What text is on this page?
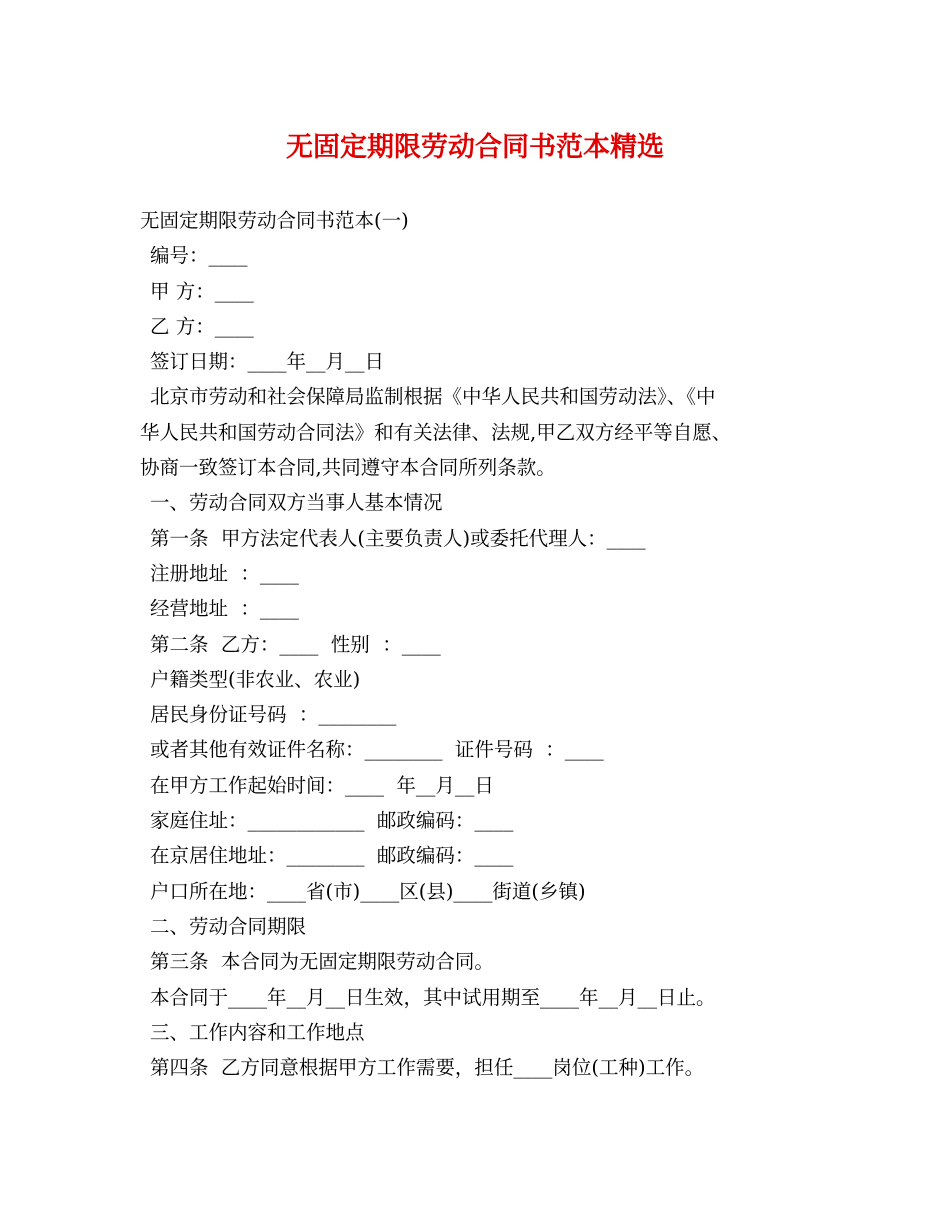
无固定期限劳动合同书范本精选
无固定期限劳动合同书范本(一)
编号：____
甲 方：____
乙 方：____
签订日期：____年__月__日
北京市劳动和社会保障局监制根据《中华人民共和国劳动法》、《中
华人民共和国劳动合同法》和有关法律、法规,甲乙双方经平等自愿、
协商一致签订本合同,共同遵守本合同所列条款。
一、劳动合同双方当事人基本情况
第一条  甲方法定代表人(主要负责人)或委托代理人：____
注册地址  ：____
经营地址  ：____
第二条  乙方：____  性别  ：____
户籍类型(非农业、农业)
居民身份证号码  ：________
或者其他有效证件名称：________  证件号码  ：____
在甲方工作起始时间：____  年__月__日
家庭住址：____________  邮政编码：____
在京居住地址：________  邮政编码：____
户口所在地：____省(市)____区(县)____街道(乡镇)
二、劳动合同期限
第三条  本合同为无固定期限劳动合同。
本合同于____年__月__日生效，其中试用期至____年__月__日止。
三、工作内容和工作地点
第四条  乙方同意根据甲方工作需要，担任____岗位(工种)工作。
